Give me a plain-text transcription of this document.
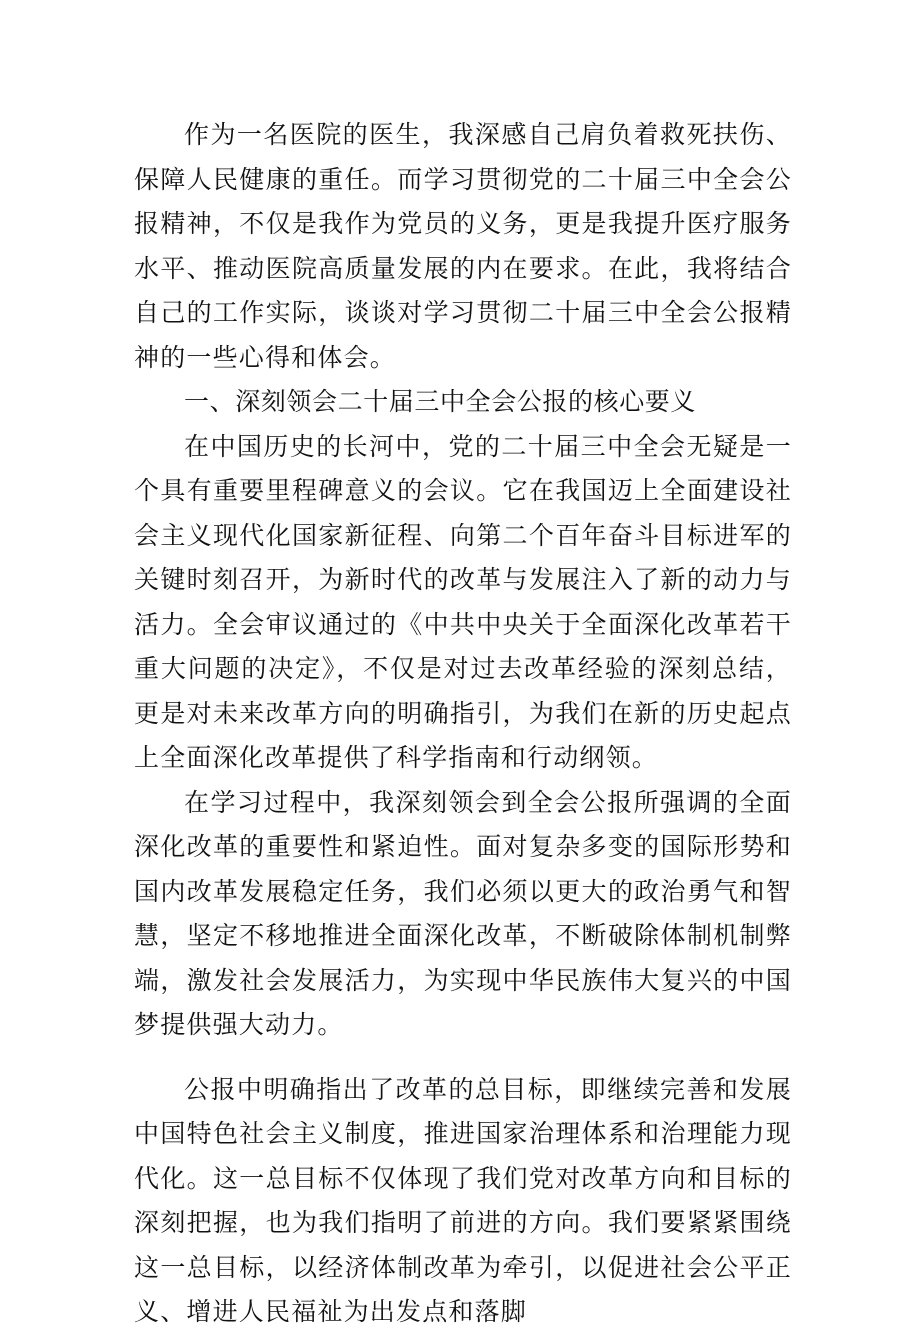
作为一名医院的医生，我深感自己肩负着救死扶伤、保障人民健康的重任。而学习贯彻党的二十届三中全会公报精神，不仅是我作为党员的义务，更是我提升医疗服务水平、推动医院高质量发展的内在要求。在此，我将结合自己的工作实际，谈谈对学习贯彻二十届三中全会公报精神的一些心得和体会。

一、深刻领会二十届三中全会公报的核心要义

在中国历史的长河中，党的二十届三中全会无疑是一个具有重要里程碑意义的会议。它在我国迈上全面建设社会主义现代化国家新征程、向第二个百年奋斗目标进军的关键时刻召开，为新时代的改革与发展注入了新的动力与活力。全会审议通过的《中共中央关于全面深化改革若干重大问题的决定》，不仅是对过去改革经验的深刻总结，更是对未来改革方向的明确指引，为我们在新的历史起点上全面深化改革提供了科学指南和行动纲领。

在学习过程中，我深刻领会到全会公报所强调的全面深化改革的重要性和紧迫性。面对复杂多变的国际形势和国内改革发展稳定任务，我们必须以更大的政治勇气和智慧，坚定不移地推进全面深化改革，不断破除体制机制弊端，激发社会发展活力，为实现中华民族伟大复兴的中国梦提供强大动力。

公报中明确指出了改革的总目标，即继续完善和发展中国特色社会主义制度，推进国家治理体系和治理能力现代化。这一总目标不仅体现了我们党对改革方向和目标的深刻把握，也为我们指明了前进的方向。我们要紧紧围绕这一总目标，以经济体制改革为牵引，以促进社会公平正义、增进人民福祉为出发点和落脚
